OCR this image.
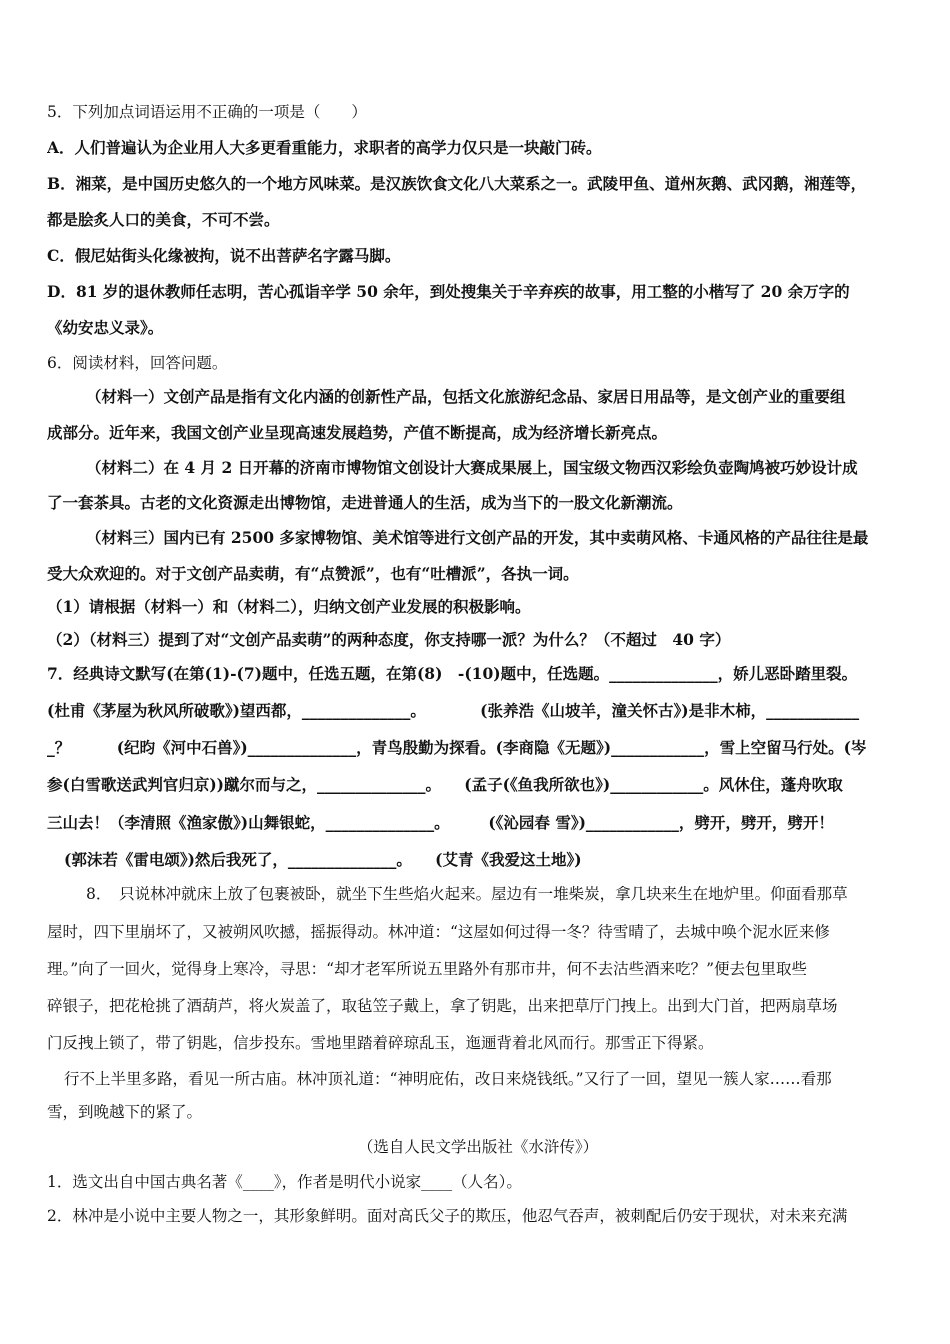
5．下列加点词语运用不正确的一项是（　　）
A．人们普遍认为企业用人大多更看重能力，求职者的高学力仅只是一块敲门砖。
B．湘菜，是中国历史悠久的一个地方风味菜。是汉族饮食文化八大菜系之一。武陵甲鱼、道州灰鹅、武冈鹅，湘莲等，
都是脍炙人口的美食，不可不尝。
C．假尼姑街头化缘被拘，说不出菩萨名字露马脚。
D．81 岁的退休教师任志明，苦心孤诣辛学 50 余年，到处搜集关于辛弃疾的故事，用工整的小楷写了 20 余万字的
《幼安忠义录》。
6．阅读材料，回答问题。
（材料一）文创产品是指有文化内涵的创新性产品，包括文化旅游纪念品、家居日用品等，是文创产业的重要组
成部分。近年来，我国文创产业呈现高速发展趋势，产值不断提高，成为经济增长新亮点。
（材料二）在 4 月 2 日开幕的济南市博物馆文创设计大赛成果展上，国宝级文物西汉彩绘负壶陶鸠被巧妙设计成
了一套茶具。古老的文化资源走出博物馆，走进普通人的生活，成为当下的一股文化新潮流。
（材料三）国内已有 2500 多家博物馆、美术馆等进行文创产品的开发，其中卖萌风格、卡通风格的产品往往是最
受大众欢迎的。对于文创产品卖萌，有“点赞派”，也有“吐槽派”，各执一词。
（1）请根据（材料一）和（材料二），归纳文创产业发展的积极影响。
（2）（材料三）提到了对“文创产品卖萌”的两种态度，你支持哪一派？为什么？（不超过　40 字）
7．经典诗文默写(在第(1)-(7)题中，任选五题，在第(8)　-(10)题中，任选题。______________，娇儿恶卧踏里裂。
(杜甫《茅屋为秋风所破歌》)望西都，______________。　　　　(张养浩《山坡羊，潼关怀古》)是非木柿，____________
_？　　　(纪昀《河中石兽》)______________，青鸟殷勤为探看。(李商隐《无题》)____________，雪上空留马行处。(岑
参(白雪歌送武判官归京))蹴尔而与之，______________。　　(孟子(《鱼我所欲也》)____________。风休住，蓬舟吹取
三山去！（李清照《渔家傲》)山舞银蛇，______________。　　　(《沁园春 雪》)____________，劈开，劈开，劈开！
(郭沫若《雷电颂》)然后我死了，______________。　　(艾青《我爱这土地》)
8．　只说林冲就床上放了包裹被卧，就坐下生些焰火起来。屋边有一堆柴炭，拿几块来生在地炉里。仰面看那草
屋时，四下里崩坏了，又被朔风吹撼，摇振得动。林冲道：“这屋如何过得一冬？待雪晴了，去城中唤个泥水匠来修
理。”向了一回火，觉得身上寒冷，寻思：“却才老军所说五里路外有那市井，何不去沽些酒来吃？”便去包里取些
碎银子，把花枪挑了酒葫芦，将火炭盖了，取毡笠子戴上，拿了钥匙，出来把草厅门拽上。出到大门首，把两扇草场
门反拽上锁了，带了钥匙，信步投东。雪地里踏着碎琼乱玉，迤逦背着北风而行。那雪正下得紧。
行不上半里多路，看见一所古庙。林冲顶礼道：“神明庇佑，改日来烧钱纸。”又行了一回，望见一簇人家……看那
雪，到晚越下的紧了。
（选自人民文学出版社《水浒传》）
1．选文出自中国古典名著《____》，作者是明代小说家____（人名）。
2．林冲是小说中主要人物之一，其形象鲜明。面对高氏父子的欺压，他忍气吞声，被刺配后仍安于现状，对未来充满
